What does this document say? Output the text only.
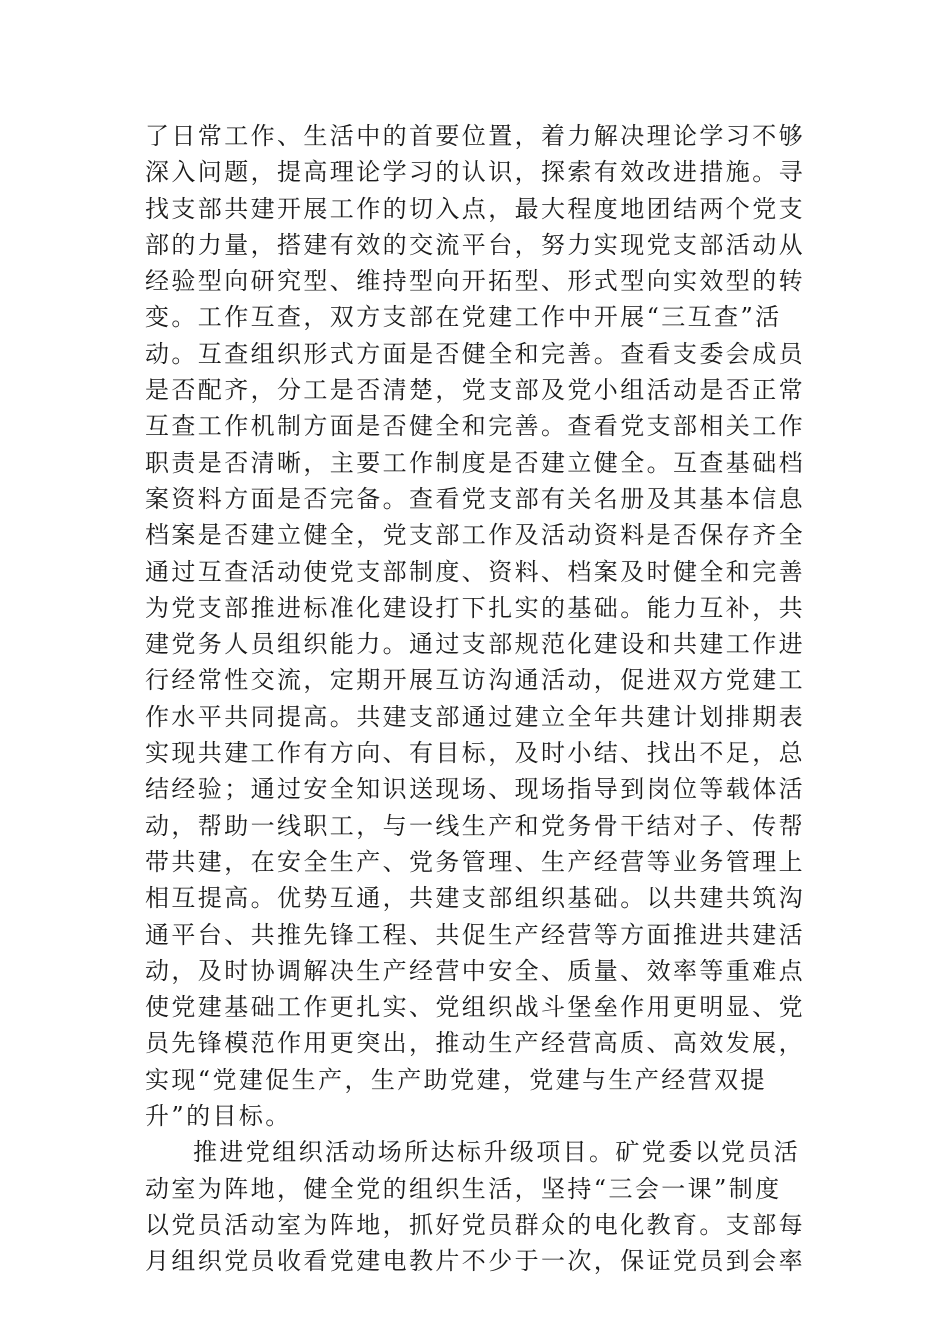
了日常工作、生活中的首要位置，着力解决理论学习不够
深入问题，提高理论学习的认识，探索有效改进措施。寻
找支部共建开展工作的切入点，最大程度地团结两个党支
部的力量，搭建有效的交流平台，努力实现党支部活动从
经验型向研究型、维持型向开拓型、形式型向实效型的转
变。工作互查，双方支部在党建工作中开展“三互查”活
动。互查组织形式方面是否健全和完善。查看支委会成员
是否配齐，分工是否清楚，党支部及党小组活动是否正常
互查工作机制方面是否健全和完善。查看党支部相关工作
职责是否清晰，主要工作制度是否建立健全。互查基础档
案资料方面是否完备。查看党支部有关名册及其基本信息
档案是否建立健全，党支部工作及活动资料是否保存齐全
通过互查活动使党支部制度、资料、档案及时健全和完善
为党支部推进标准化建设打下扎实的基础。能力互补，共
建党务人员组织能力。通过支部规范化建设和共建工作进
行经常性交流，定期开展互访沟通活动，促进双方党建工
作水平共同提高。共建支部通过建立全年共建计划排期表
实现共建工作有方向、有目标，及时小结、找出不足，总
结经验；通过安全知识送现场、现场指导到岗位等载体活
动，帮助一线职工，与一线生产和党务骨干结对子、传帮
带共建，在安全生产、党务管理、生产经营等业务管理上
相互提高。优势互通，共建支部组织基础。以共建共筑沟
通平台、共推先锋工程、共促生产经营等方面推进共建活
动，及时协调解决生产经营中安全、质量、效率等重难点
使党建基础工作更扎实、党组织战斗堡垒作用更明显、党
员先锋模范作用更突出，推动生产经营高质、高效发展，
实现“党建促生产，生产助党建，党建与生产经营双提
升”的目标。
推进党组织活动场所达标升级项目。矿党委以党员活
动室为阵地，健全党的组织生活，坚持“三会一课”制度
以党员活动室为阵地，抓好党员群众的电化教育。支部每
月组织党员收看党建电教片不少于一次，保证党员到会率
